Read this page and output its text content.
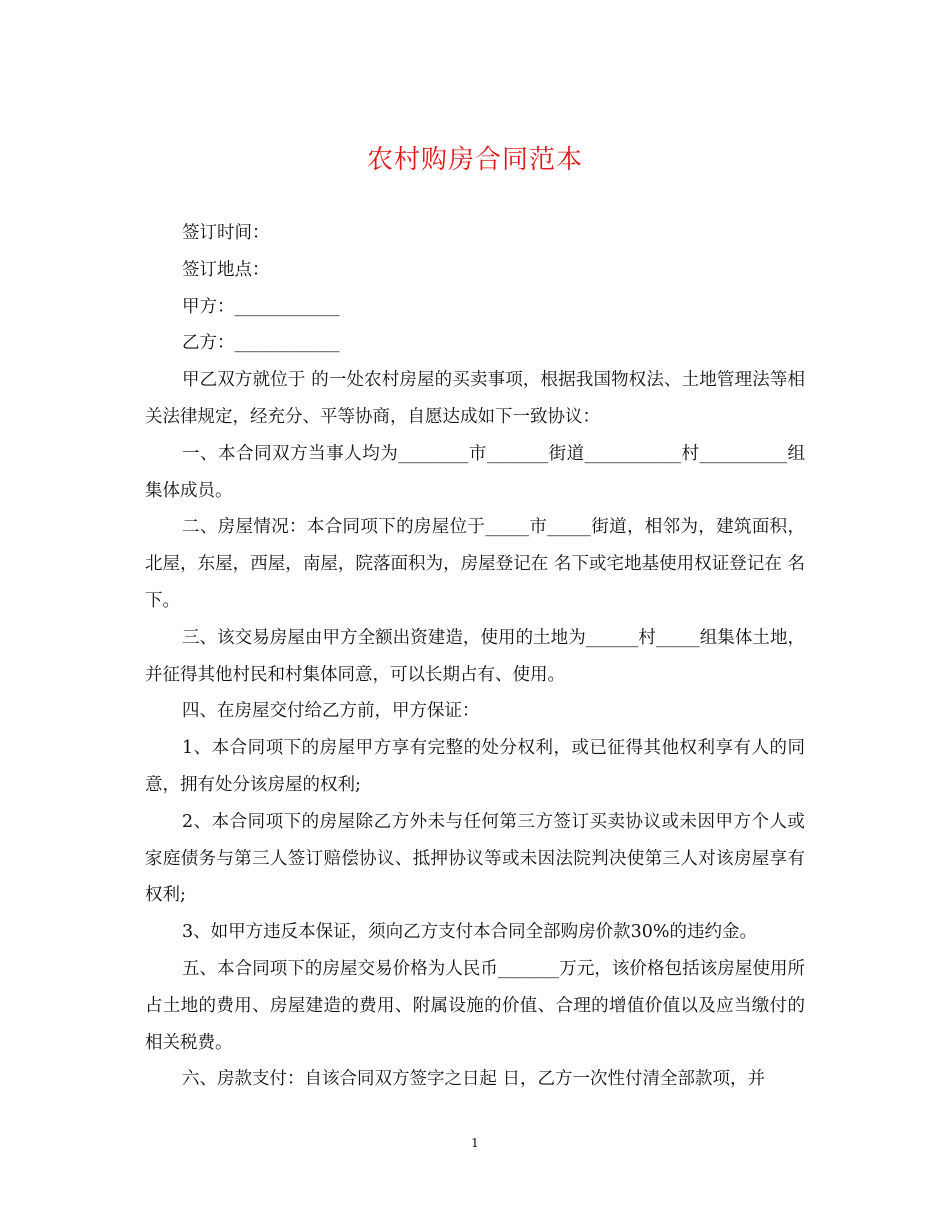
农村购房合同范本

签订时间：

签订地点：

甲方：____________

乙方：____________

甲乙双方就位于 的一处农村房屋的买卖事项，根据我国物权法、土地管理法等相关法律规定，经充分、平等协商，自愿达成如下一致协议：

一、本合同双方当事人均为________市_______街道___________村__________组集体成员。

二、房屋情况：本合同项下的房屋位于_____市_____街道，相邻为，建筑面积，北屋，东屋，西屋，南屋，院落面积为，房屋登记在 名下或宅地基使用权证登记在 名下。

三、该交易房屋由甲方全额出资建造，使用的土地为______村_____组集体土地，并征得其他村民和村集体同意，可以长期占有、使用。

四、在房屋交付给乙方前，甲方保证：

1、本合同项下的房屋甲方享有完整的处分权利，或已征得其他权利享有人的同意，拥有处分该房屋的权利;

2、本合同项下的房屋除乙方外未与任何第三方签订买卖协议或未因甲方个人或家庭债务与第三人签订赔偿协议、抵押协议等或未因法院判决使第三人对该房屋享有权利;

3、如甲方违反本保证，须向乙方支付本合同全部购房价款30%的违约金。

五、本合同项下的房屋交易价格为人民币_______万元，该价格包括该房屋使用所占土地的费用、房屋建造的费用、附属设施的价值、合理的增值价值以及应当缴付的相关税费。

六、房款支付：自该合同双方签字之日起 日，乙方一次性付清全部款项，并

1
